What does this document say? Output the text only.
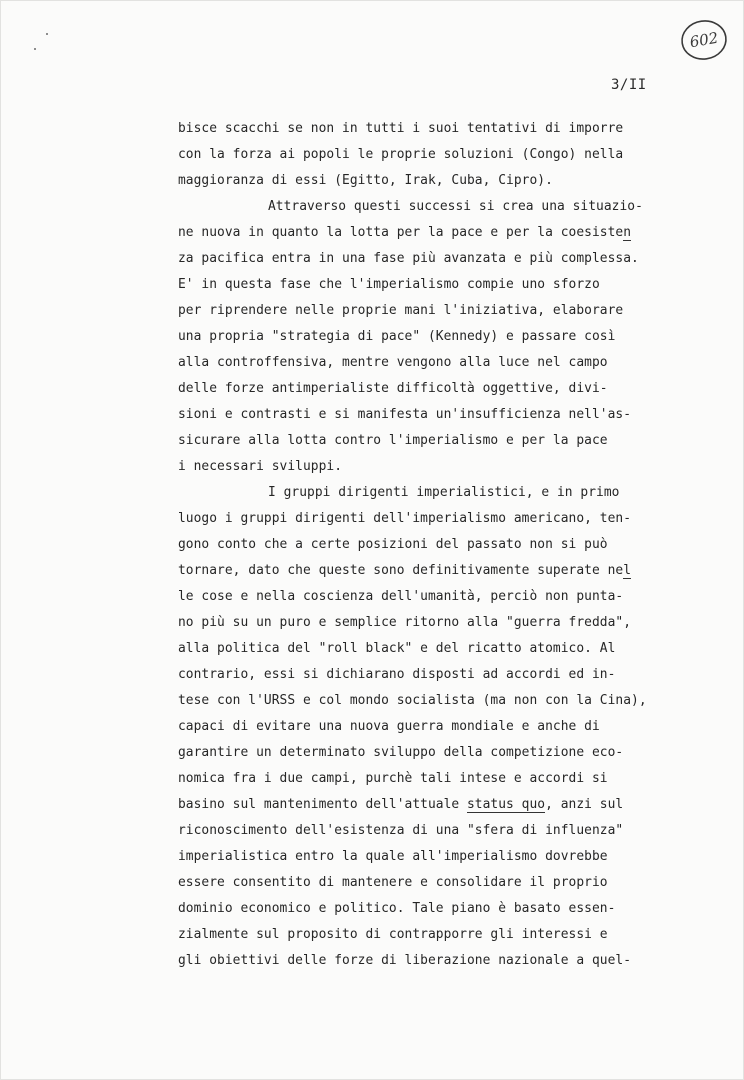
602
3/II
bisce scacchi se non in tutti i suoi tentativi di imporre
con la forza ai popoli le proprie soluzioni (Congo) nella
maggioranza di essi (Egitto, Irak, Cuba, Cipro).
Attraverso questi successi si crea una situazio-
ne nuova in quanto la lotta per la pace e per la coesisten
za pacifica entra in una fase più avanzata e più complessa.
E' in questa fase che l'imperialismo compie uno sforzo
per riprendere nelle proprie mani l'iniziativa, elaborare
una propria "strategia di pace" (Kennedy) e passare così
alla controffensiva, mentre vengono alla luce nel campo
delle forze antimperialiste difficoltà oggettive, divi-
sioni e contrasti e si manifesta un'insufficienza nell'as-
sicurare alla lotta contro l'imperialismo e per la pace
i necessari sviluppi.
I gruppi dirigenti imperialistici, e in primo
luogo i gruppi dirigenti dell'imperialismo americano, ten-
gono conto che a certe posizioni del passato non si può
tornare, dato che queste sono definitivamente superate nel
le cose e nella coscienza dell'umanità, perciò non punta-
no più su un puro e semplice ritorno alla "guerra fredda",
alla politica del "roll black" e del ricatto atomico. Al
contrario, essi si dichiarano disposti ad accordi ed in-
tese con l'URSS e col mondo socialista (ma non con la Cina),
capaci di evitare una nuova guerra mondiale e anche di
garantire un determinato sviluppo della competizione eco-
nomica fra i due campi, purchè tali intese e accordi si
basino sul mantenimento dell'attuale status quo, anzi sul
riconoscimento dell'esistenza di una "sfera di influenza"
imperialistica entro la quale all'imperialismo dovrebbe
essere consentito di mantenere e consolidare il proprio
dominio economico e politico. Tale piano è basato essen-
zialmente sul proposito di contrapporre gli interessi e
gli obiettivi delle forze di liberazione nazionale a quel-
